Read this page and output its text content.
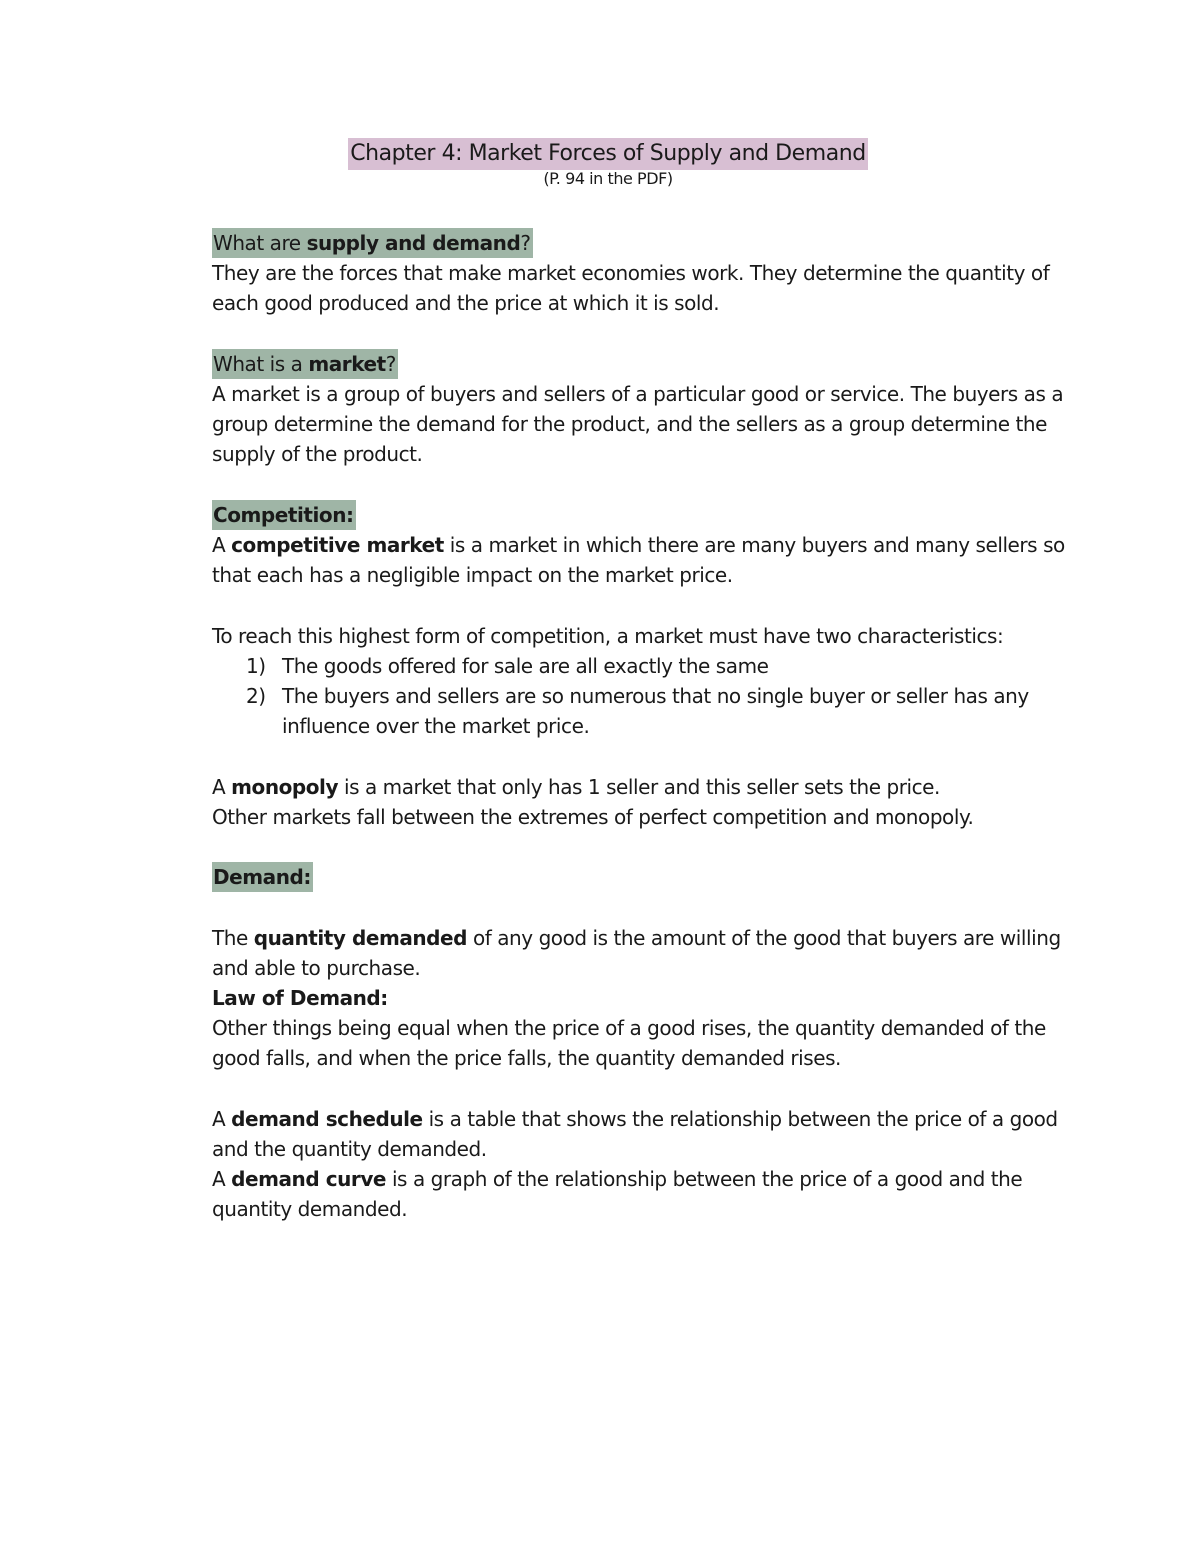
Chapter 4: Market Forces of Supply and Demand
(P. 94 in the PDF)
What are supply and demand?

They are the forces that make market economies work. They determine the quantity of each good produced and the price at which it is sold.

What is a market?

A market is a group of buyers and sellers of a particular good or service. The buyers as a group determine the demand for the product, and the sellers as a group determine the supply of the product.

Competition:

A competitive market is a market in which there are many buyers and many sellers so that each has a negligible impact on the market price.

To reach this highest form of competition, a market must have two characteristics:

1) The goods offered for sale are all exactly the same
2) The buyers and sellers are so numerous that no single buyer or seller has any influence over the market price.

A monopoly is a market that only has 1 seller and this seller sets the price.

Other markets fall between the extremes of perfect competition and monopoly.

Demand:

The quantity demanded of any good is the amount of the good that buyers are willing and able to purchase.

Law of Demand:

Other things being equal when the price of a good rises, the quantity demanded of the good falls, and when the price falls, the quantity demanded rises.

A demand schedule is a table that shows the relationship between the price of a good and the quantity demanded.

A demand curve is a graph of the relationship between the price of a good and the quantity demanded.
